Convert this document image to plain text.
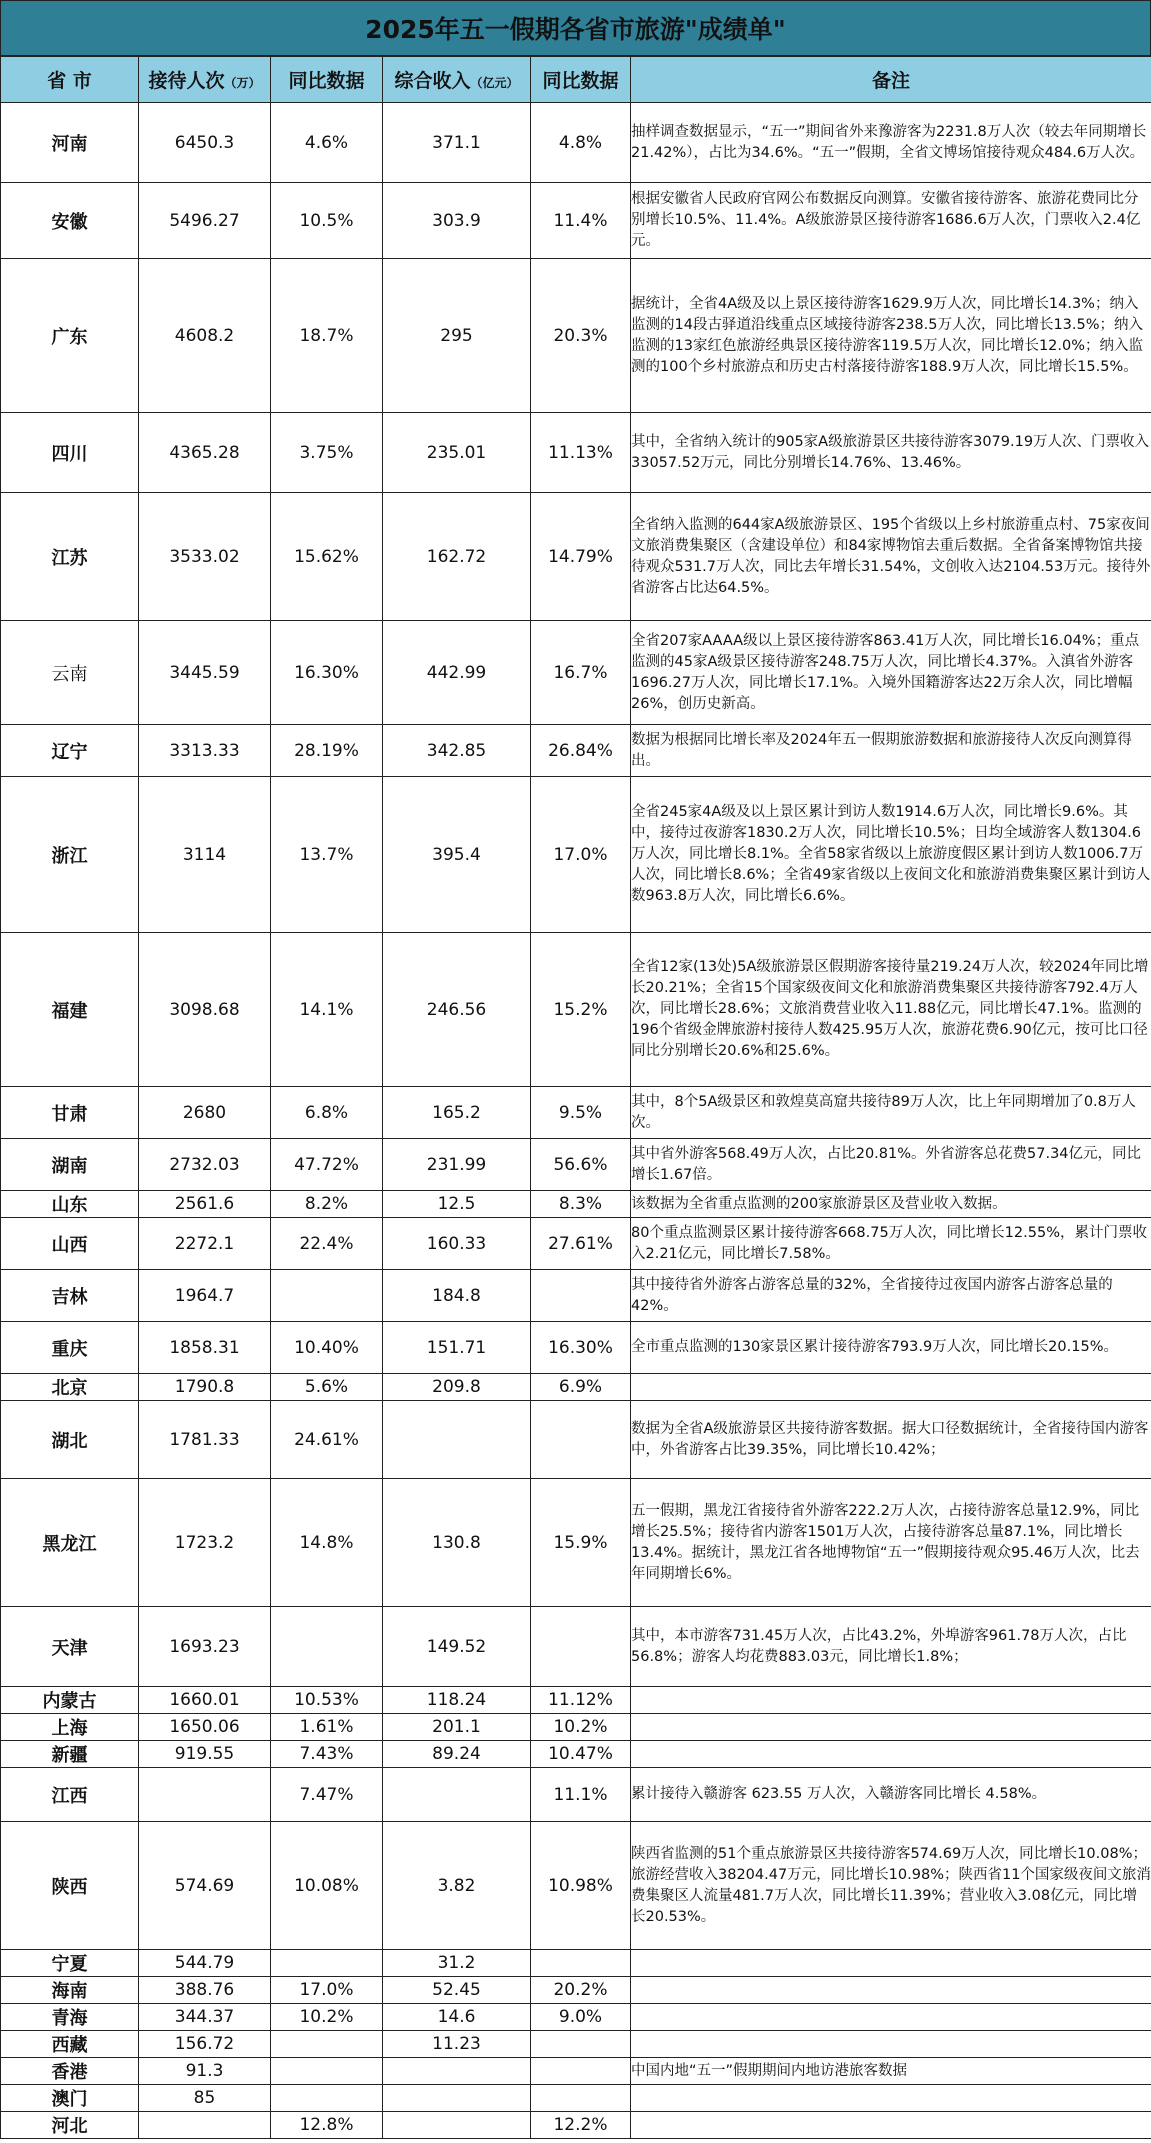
2025年五一假期各省市旅游"成绩单"
省 市	接待人次（万）	同比数据	综合收入（亿元）	同比数据	备注
河南	6450.3	4.6%	371.1	4.8%	抽样调查数据显示，“五一”期间省外来豫游客为2231.8万人次（较去年同期增长21.42%），占比为34.6%。“五一”假期，全省文博场馆接待观众484.6万人次。
安徽	5496.27	10.5%	303.9	11.4%	根据安徽省人民政府官网公布数据反向测算。安徽省接待游客、旅游花费同比分别增长10.5%、11.4%。A级旅游景区接待游客1686.6万人次，门票收入2.4亿元。
广东	4608.2	18.7%	295	20.3%	据统计，全省4A级及以上景区接待游客1629.9万人次，同比增长14.3%；纳入监测的14段古驿道沿线重点区域接待游客238.5万人次，同比增长13.5%；纳入监测的13家红色旅游经典景区接待游客119.5万人次，同比增长12.0%；纳入监测的100个乡村旅游点和历史古村落接待游客188.9万人次，同比增长15.5%。
四川	4365.28	3.75%	235.01	11.13%	其中，全省纳入统计的905家A级旅游景区共接待游客3079.19万人次、门票收入33057.52万元，同比分别增长14.76%、13.46%。
江苏	3533.02	15.62%	162.72	14.79%	全省纳入监测的644家A级旅游景区、195个省级以上乡村旅游重点村、75家夜间文旅消费集聚区（含建设单位）和84家博物馆去重后数据。全省备案博物馆共接待观众531.7万人次，同比去年增长31.54%，文创收入达2104.53万元。接待外省游客占比达64.5%。
云南	3445.59	16.30%	442.99	16.7%	全省207家AAAA级以上景区接待游客863.41万人次，同比增长16.04%；重点监测的45家A级景区接待游客248.75万人次，同比增长4.37%。入滇省外游客1696.27万人次，同比增长17.1%。入境外国籍游客达22万余人次，同比增幅26%，创历史新高。
辽宁	3313.33	28.19%	342.85	26.84%	数据为根据同比增长率及2024年五一假期旅游数据和旅游接待人次反向测算得出。
浙江	3114	13.7%	395.4	17.0%	全省245家4A级及以上景区累计到访人数1914.6万人次，同比增长9.6%。其中，接待过夜游客1830.2万人次，同比增长10.5%；日均全域游客人数1304.6万人次，同比增长8.1%。全省58家省级以上旅游度假区累计到访人数1006.7万人次，同比增长8.6%；全省49家省级以上夜间文化和旅游消费集聚区累计到访人数963.8万人次，同比增长6.6%。
福建	3098.68	14.1%	246.56	15.2%	全省12家(13处)5A级旅游景区假期游客接待量219.24万人次，较2024年同比增长20.21%；全省15个国家级夜间文化和旅游消费集聚区共接待游客792.4万人次，同比增长28.6%；文旅消费营业收入11.88亿元，同比增长47.1%。监测的196个省级金牌旅游村接待人数425.95万人次，旅游花费6.90亿元，按可比口径同比分别增长20.6%和25.6%。
甘肃	2680	6.8%	165.2	9.5%	其中，8个5A级景区和敦煌莫高窟共接待89万人次，比上年同期增加了0.8万人次。
湖南	2732.03	47.72%	231.99	56.6%	其中省外游客568.49万人次，占比20.81%。外省游客总花费57.34亿元，同比增长1.67倍。
山东	2561.6	8.2%	12.5	8.3%	该数据为全省重点监测的200家旅游景区及营业收入数据。
山西	2272.1	22.4%	160.33	27.61%	80个重点监测景区累计接待游客668.75万人次，同比增长12.55%，累计门票收入2.21亿元，同比增长7.58%。
吉林	1964.7		184.8		其中接待省外游客占游客总量的32%，全省接待过夜国内游客占游客总量的42%。
重庆	1858.31	10.40%	151.71	16.30%	全市重点监测的130家景区累计接待游客793.9万人次，同比增长20.15%。
北京	1790.8	5.6%	209.8	6.9%	
湖北	1781.33	24.61%			数据为全省A级旅游景区共接待游客数据。据大口径数据统计，全省接待国内游客中，外省游客占比39.35%，同比增长10.42%；
黑龙江	1723.2	14.8%	130.8	15.9%	五一假期，黑龙江省接待省外游客222.2万人次，占接待游客总量12.9%，同比增长25.5%；接待省内游客1501万人次，占接待游客总量87.1%，同比增长13.4%。据统计，黑龙江省各地博物馆“五一”假期接待观众95.46万人次，比去年同期增长6%。
天津	1693.23		149.52		其中，本市游客731.45万人次，占比43.2%，外埠游客961.78万人次，占比56.8%；游客人均花费883.03元，同比增长1.8%；
内蒙古	1660.01	10.53%	118.24	11.12%	
上海	1650.06	1.61%	201.1	10.2%	
新疆	919.55	7.43%	89.24	10.47%	
江西		7.47%		11.1%	累计接待入赣游客 623.55 万人次，入赣游客同比增长 4.58%。
陕西	574.69	10.08%	3.82	10.98%	陕西省监测的51个重点旅游景区共接待游客574.69万人次，同比增长10.08%；旅游经营收入38204.47万元，同比增长10.98%；陕西省11个国家级夜间文旅消费集聚区人流量481.7万人次，同比增长11.39%；营业收入3.08亿元，同比增长20.53%。
宁夏	544.79		31.2		
海南	388.76	17.0%	52.45	20.2%	
青海	344.37	10.2%	14.6	9.0%	
西藏	156.72		11.23		
香港	91.3				中国内地“五一”假期期间内地访港旅客数据
澳门	85				
河北		12.8%		12.2%	
